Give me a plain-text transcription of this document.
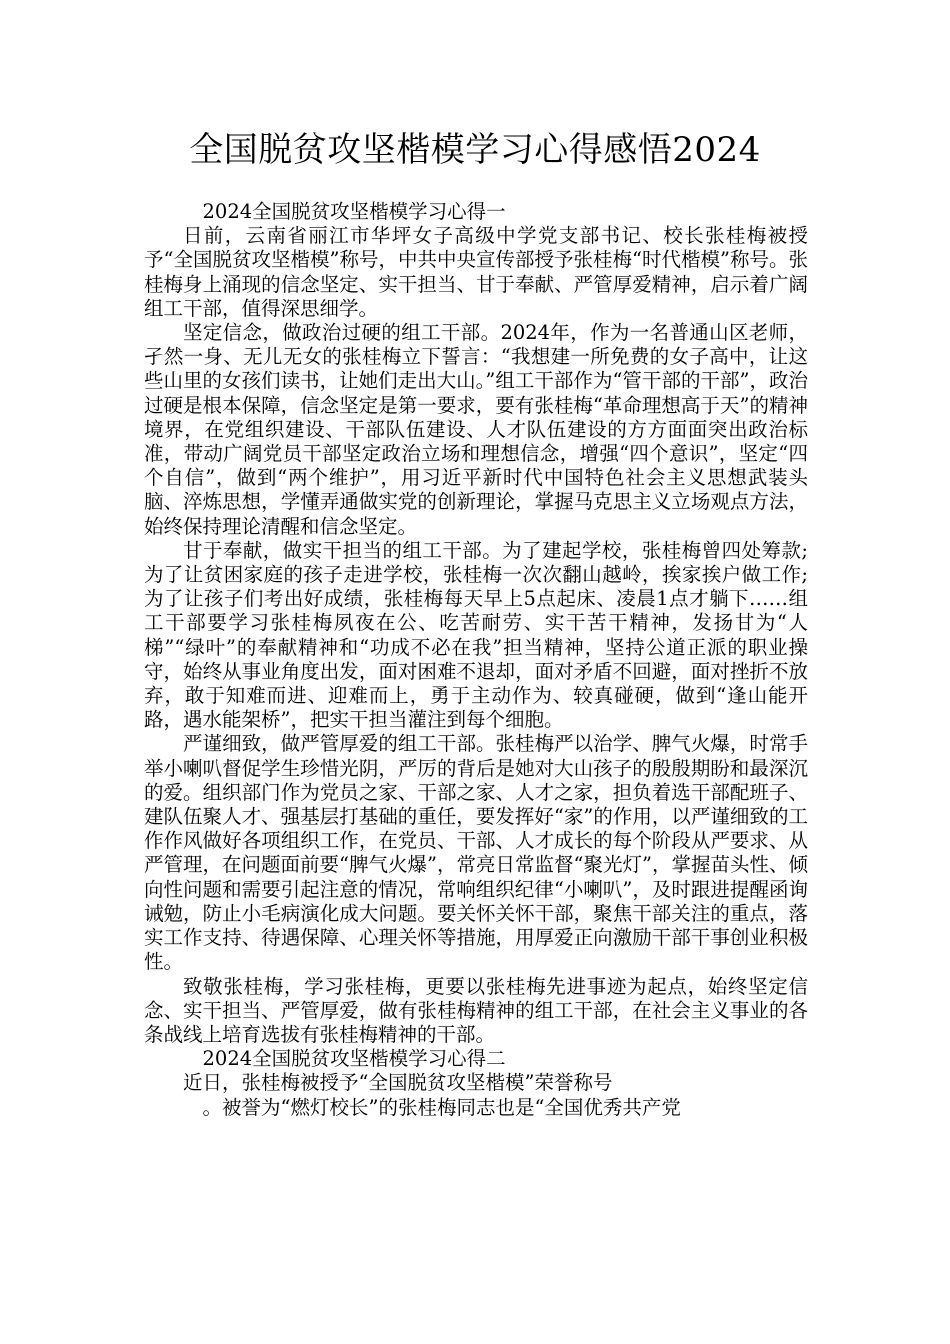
全国脱贫攻坚楷模学习心得感悟2024

2024全国脱贫攻坚楷模学习心得一

日前，云南省丽江市华坪女子高级中学党支部书记、校长张桂梅被授予“全国脱贫攻坚楷模”称号，中共中央宣传部授予张桂梅“时代楷模”称号。张桂梅身上涌现的信念坚定、实干担当、甘于奉献、严管厚爱精神，启示着广阔组工干部，值得深思细学。

坚定信念，做政治过硬的组工干部。2024年，作为一名普通山区老师，孑然一身、无儿无女的张桂梅立下誓言：“我想建一所免费的女子高中，让这些山里的女孩们读书，让她们走出大山。”组工干部作为“管干部的干部”，政治过硬是根本保障，信念坚定是第一要求，要有张桂梅“革命理想高于天”的精神境界，在党组织建设、干部队伍建设、人才队伍建设的方方面面突出政治标准，带动广阔党员干部坚定政治立场和理想信念，增强“四个意识”，坚定“四个自信”，做到“两个维护”，用习近平新时代中国特色社会主义思想武装头脑、淬炼思想，学懂弄通做实党的创新理论，掌握马克思主义立场观点方法，始终保持理论清醒和信念坚定。

甘于奉献，做实干担当的组工干部。为了建起学校，张桂梅曾四处筹款;为了让贫困家庭的孩子走进学校，张桂梅一次次翻山越岭，挨家挨户做工作;为了让孩子们考出好成绩，张桂梅每天早上5点起床、凌晨1点才躺下……组工干部要学习张桂梅夙夜在公、吃苦耐劳、实干苦干精神，发扬甘为“人梯”“绿叶”的奉献精神和“功成不必在我”担当精神，坚持公道正派的职业操守，始终从事业角度出发，面对困难不退却，面对矛盾不回避，面对挫折不放弃，敢于知难而进、迎难而上，勇于主动作为、较真碰硬，做到“逢山能开路，遇水能架桥”，把实干担当灌注到每个细胞。

严谨细致，做严管厚爱的组工干部。张桂梅严以治学、脾气火爆，时常手举小喇叭督促学生珍惜光阴，严厉的背后是她对大山孩子的殷殷期盼和最深沉的爱。组织部门作为党员之家、干部之家、人才之家，担负着选干部配班子、建队伍聚人才、强基层打基础的重任，要发挥好“家”的作用，以严谨细致的工作作风做好各项组织工作，在党员、干部、人才成长的每个阶段从严要求、从严管理，在问题面前要“脾气火爆”，常亮日常监督“聚光灯”，掌握苗头性、倾向性问题和需要引起注意的情况，常响组织纪律“小喇叭”，及时跟进提醒函询诫勉，防止小毛病演化成大问题。要关怀关怀干部，聚焦干部关注的重点，落实工作支持、待遇保障、心理关怀等措施，用厚爱正向激励干部干事创业积极性。

致敬张桂梅，学习张桂梅，更要以张桂梅先进事迹为起点，始终坚定信念、实干担当、严管厚爱，做有张桂梅精神的组工干部，在社会主义事业的各条战线上培育选拔有张桂梅精神的干部。

2024全国脱贫攻坚楷模学习心得二

近日，张桂梅被授予“全国脱贫攻坚楷模”荣誉称号

。被誉为“燃灯校长”的张桂梅同志也是“全国优秀共产党
